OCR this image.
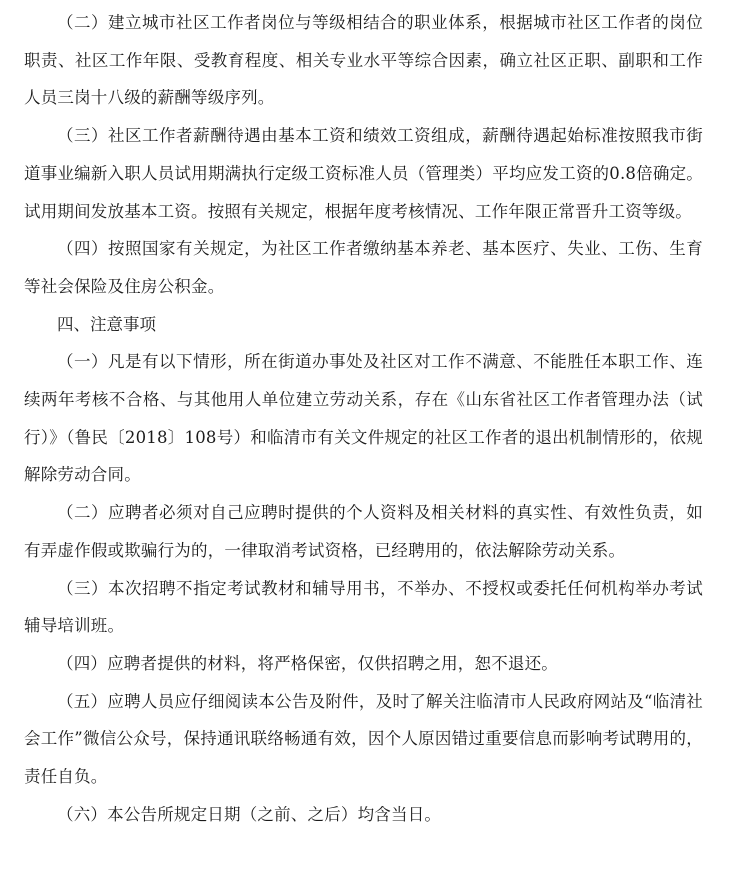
（二）建立城市社区工作者岗位与等级相结合的职业体系，根据城市社区工作者的岗位职责、社区工作年限、受教育程度、相关专业水平等综合因素，确立社区正职、副职和工作人员三岗十八级的薪酬等级序列。

（三）社区工作者薪酬待遇由基本工资和绩效工资组成，薪酬待遇起始标准按照我市街道事业编新入职人员试用期满执行定级工资标准人员（管理类）平均应发工资的0.8倍确定。试用期间发放基本工资。按照有关规定，根据年度考核情况、工作年限正常晋升工资等级。

（四）按照国家有关规定，为社区工作者缴纳基本养老、基本医疗、失业、工伤、生育等社会保险及住房公积金。

四、注意事项

（一）凡是有以下情形，所在街道办事处及社区对工作不满意、不能胜任本职工作、连续两年考核不合格、与其他用人单位建立劳动关系，存在《山东省社区工作者管理办法（试行）》（鲁民〔2018〕108号）和临清市有关文件规定的社区工作者的退出机制情形的，依规解除劳动合同。

（二）应聘者必须对自己应聘时提供的个人资料及相关材料的真实性、有效性负责，如有弄虚作假或欺骗行为的，一律取消考试资格，已经聘用的，依法解除劳动关系。

（三）本次招聘不指定考试教材和辅导用书，不举办、不授权或委托任何机构举办考试辅导培训班。

（四）应聘者提供的材料，将严格保密，仅供招聘之用，恕不退还。

（五）应聘人员应仔细阅读本公告及附件，及时了解关注临清市人民政府网站及“临清社会工作”微信公众号，保持通讯联络畅通有效，因个人原因错过重要信息而影响考试聘用的，责任自负。

（六）本公告所规定日期（之前、之后）均含当日。
